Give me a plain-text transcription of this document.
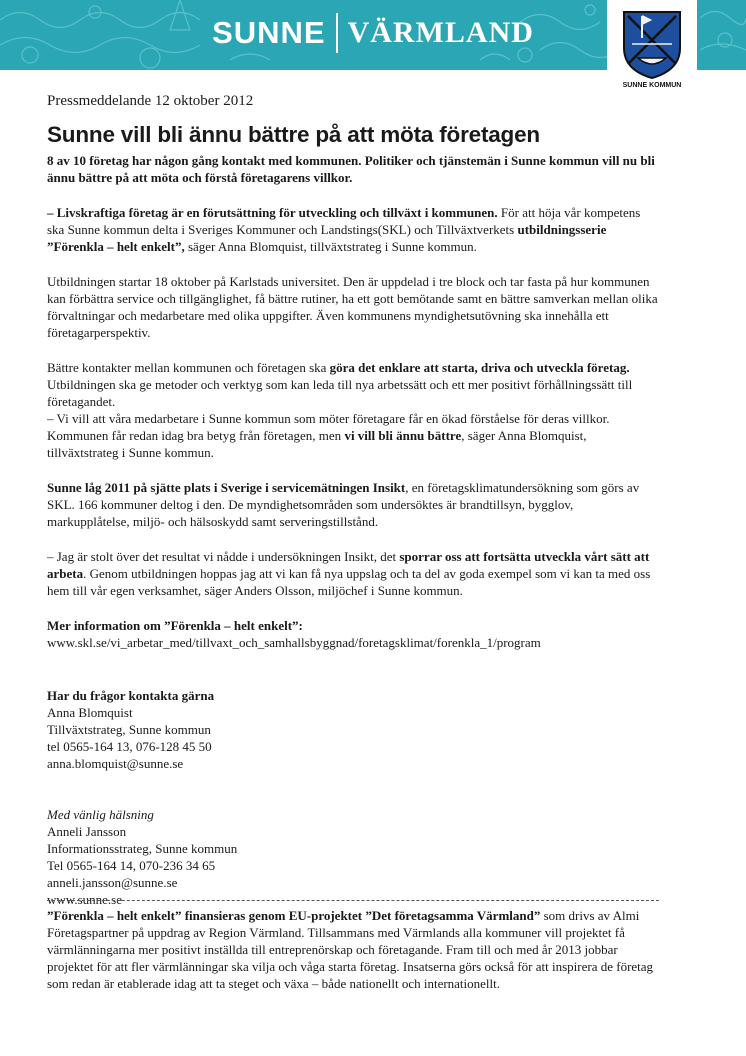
SUNNE VÄRMLAND
SUNNE KOMMUN
Pressmeddelande 12 oktober 2012
Sunne vill bli ännu bättre på att möta företagen
8 av 10 företag har någon gång kontakt med kommunen. Politiker och tjänstemän i Sunne kommun vill nu bli ännu bättre på att möta och förstå företagarens villkor.

– Livskraftiga företag är en förutsättning för utveckling och tillväxt i kommunen. För att höja vår kompetens ska Sunne kommun delta i Sveriges Kommuner och Landstings(SKL) och Tillväxtverkets utbildningsserie ”Förenkla – helt enkelt”, säger Anna Blomquist, tillväxtstrateg i Sunne kommun.

Utbildningen startar 18 oktober på Karlstads universitet. Den är uppdelad i tre block och tar fasta på hur kommunen kan förbättra service och tillgänglighet, få bättre rutiner, ha ett gott bemötande samt en bättre samverkan mellan olika förvaltningar och medarbetare med olika uppgifter. Även kommunens myndighetsutövning ska innehålla ett företagarperspektiv.

Bättre kontakter mellan kommunen och företagen ska göra det enklare att starta, driva och utveckla företag. Utbildningen ska ge metoder och verktyg som kan leda till nya arbetssätt och ett mer positivt förhållningssätt till företagandet.

– Vi vill att våra medarbetare i Sunne kommun som möter företagare får en ökad förståelse för deras villkor. Kommunen får redan idag bra betyg från företagen, men vi vill bli ännu bättre, säger Anna Blomquist, tillväxtstrateg i Sunne kommun.

Sunne låg 2011 på sjätte plats i Sverige i servicemätningen Insikt, en företagsklimatundersökning som görs av SKL. 166 kommuner deltog i den. De myndighetsområden som undersöktes är brandtillsyn, bygglov, markupplåtelse, miljö- och hälsoskydd samt serveringstillstånd.

– Jag är stolt över det resultat vi nådde i undersökningen Insikt, det sporrar oss att fortsätta utveckla vårt sätt att arbeta. Genom utbildningen hoppas jag att vi kan få nya uppslag och ta del av goda exempel som vi kan ta med oss hem till vår egen verksamhet, säger Anders Olsson, miljöchef i Sunne kommun.

Mer information om ”Förenkla – helt enkelt”:
www.skl.se/vi_arbetar_med/tillvaxt_och_samhallsbyggnad/foretagsklimat/forenkla_1/program
Har du frågor kontakta gärna
Anna Blomquist
Tillväxtstrateg, Sunne kommun
tel 0565-164 13, 076-128 45 50
anna.blomquist@sunne.se
Med vänlig hälsning
Anneli Jansson
Informationsstrateg, Sunne kommun
Tel 0565-164 14, 070-236 34 65
anneli.jansson@sunne.se
www.sunne.se
”Förenkla – helt enkelt” finansieras genom EU-projektet ”Det företagsamma Värmland” som drivs av Almi Företagspartner på uppdrag av Region Värmland. Tillsammans med Värmlands alla kommuner vill projektet få värmlänningarna mer positivt inställda till entreprenörskap och företagande. Fram till och med år 2013 jobbar projektet för att fler värmlänningar ska vilja och våga starta företag. Insatserna görs också för att inspirera de företag som redan är etablerade idag att ta steget och växa – både nationellt och internationellt.
